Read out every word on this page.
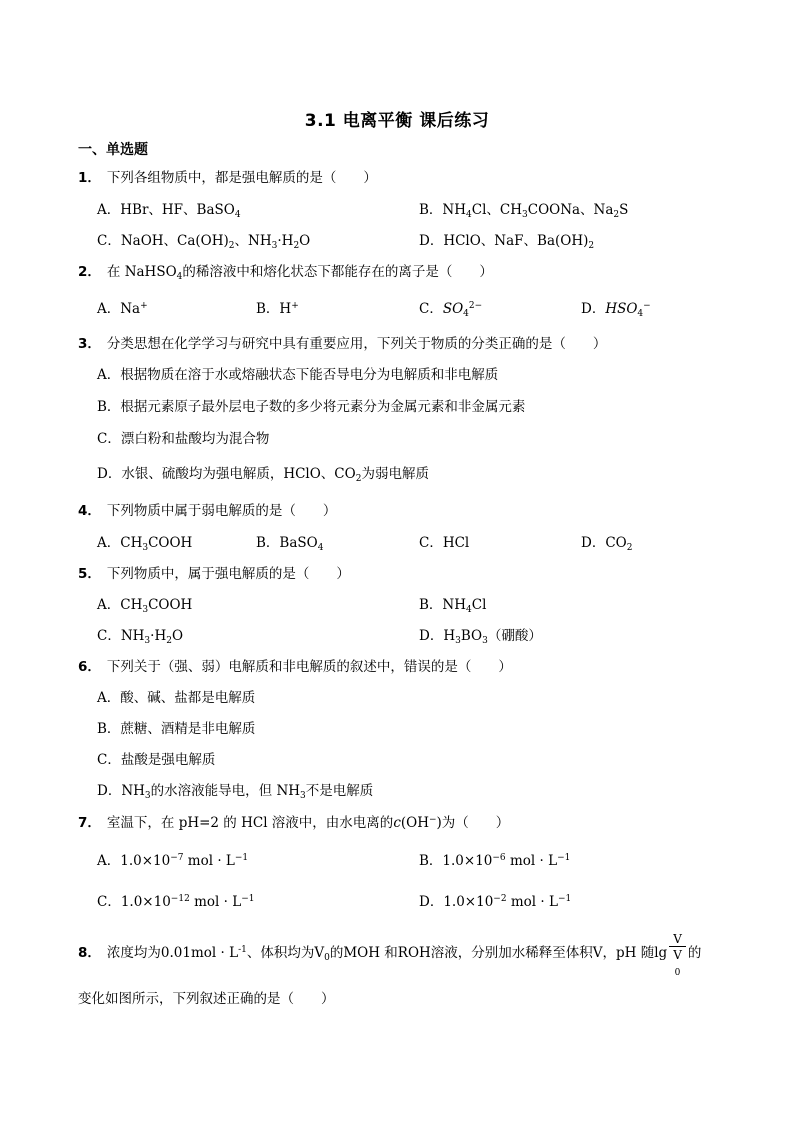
3.1 电离平衡 课后练习
一、单选题
1． 下列各组物质中，都是强电解质的是（　　）
A．HBr、HF、BaSO$_4$	B．$NH_4Cl$、$CH_3COONa$、$Na_2S$
C．NaOH、$Ca(OH)_2$、$NH_3\cdot H_2O$	D．HClO、NaF、$Ba(OH)_2$
2． 在 NaHSO$_4$的稀溶液中和熔化状态下都能存在的离子是（　　）
A．Na+	B．H+	C．$SO_4^{2-}$	D．$HSO_4^-$
3． 分类思想在化学学习与研究中具有重要应用，下列关于物质的分类正确的是（　　）
A．根据物质在溶于水或熔融状态下能否导电分为电解质和非电解质
B．根据元素原子最外层电子数的多少将元素分为金属元素和非金属元素
C．漂白粉和盐酸均为混合物
D．水银、硫酸均为强电解质，HClO、$CO_2$为弱电解质
4． 下列物质中属于弱电解质的是（　　）
A．$CH_3COOH$	B．BaSO$_4$	C．HCl	D．$CO_2$
5． 下列物质中，属于强电解质的是（　　）
A．$CH_3COOH$	B．$NH_4Cl$
C．$NH_3\cdot H_2O$	D．$H_3BO_3$（硼酸）
6． 下列关于（强、弱）电解质和非电解质的叙述中，错误的是（　　）
A．酸、碱、盐都是电解质
B．蔗糖、酒精是非电解质
C．盐酸是强电解质
D．$NH_3$的水溶液能导电，但 $NH_3$不是电解质
7． 室温下，在 pH=2 的 HCl 溶液中，由水电离的c(OH−)为（　　）
A．$1.0\times 10^{-7}$ mol · $L^{-1}$	B．$1.0\times 10^{-6}$ mol · $L^{-1}$
C．$1.0\times 10^{-12}$ mol · $L^{-1}$	D．$1.0\times 10^{-2}$ mol · $L^{-1}$
8． 浓度均为$0.01mol \cdot L^{-1}$、体积均为$V_0$的MOH 和ROH溶液，分别加水稀释至体积V，pH 随lg V
V
$_0$ 的
变化如图所示，下列叙述正确的是（　　）
